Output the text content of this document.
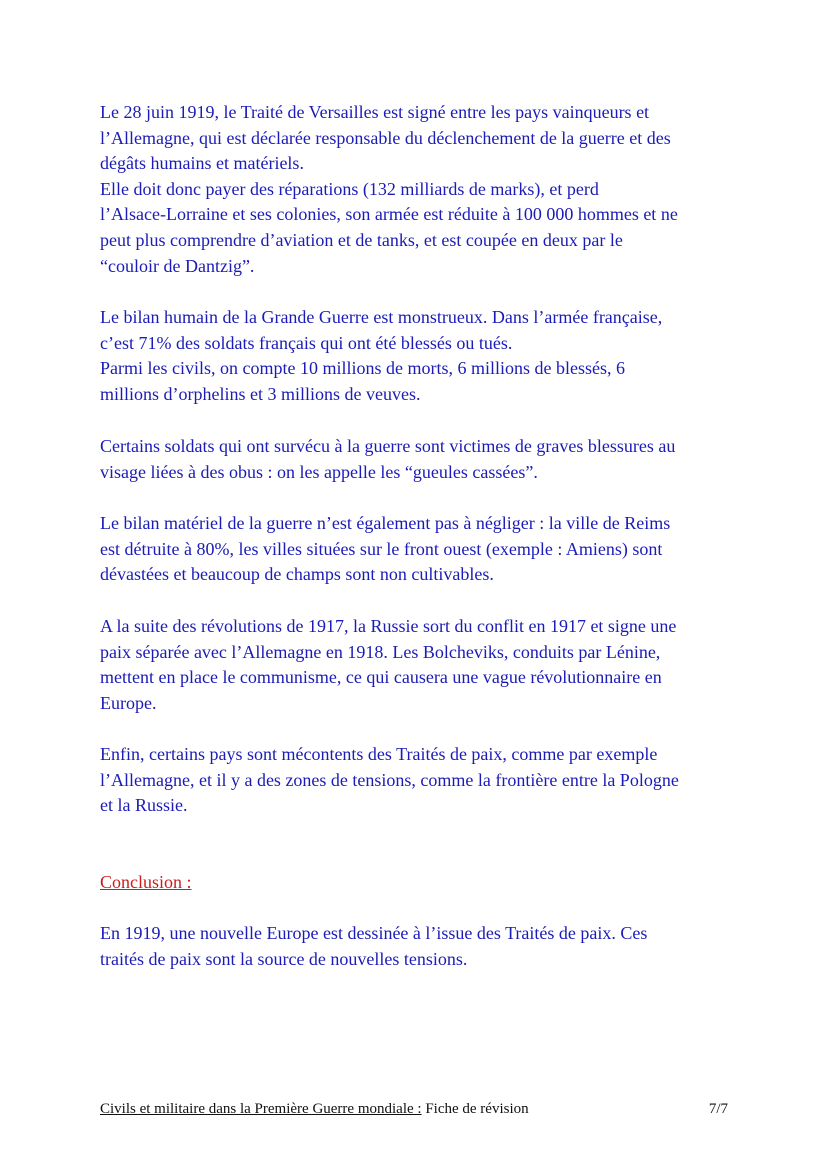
Le 28 juin 1919, le Traité de Versailles est signé entre les pays vainqueurs et
l’Allemagne, qui est déclarée responsable du déclenchement de la guerre et des
dégâts humains et matériels.
Elle doit donc payer des réparations (132 milliards de marks), et perd
l’Alsace-Lorraine et ses colonies, son armée est réduite à 100 000 hommes et ne
peut plus comprendre d’aviation et de tanks, et est coupée en deux par le
“couloir de Dantzig”.

Le bilan humain de la Grande Guerre est monstrueux. Dans l’armée française,
c’est 71% des soldats français qui ont été blessés ou tués.
Parmi les civils, on compte 10 millions de morts, 6 millions de blessés, 6
millions d’orphelins et 3 millions de veuves.

Certains soldats qui ont survécu à la guerre sont victimes de graves blessures au
visage liées à des obus : on les appelle les “gueules cassées”.

Le bilan matériel de la guerre n’est également pas à négliger : la ville de Reims
est détruite à 80%, les villes situées sur le front ouest (exemple : Amiens) sont
dévastées et beaucoup de champs sont non cultivables.

A la suite des révolutions de 1917, la Russie sort du conflit en 1917 et signe une
paix séparée avec l’Allemagne en 1918. Les Bolcheviks, conduits par Lénine,
mettent en place le communisme, ce qui causera une vague révolutionnaire en
Europe.

Enfin, certains pays sont mécontents des Traités de paix, comme par exemple
l’Allemagne, et il y a des zones de tensions, comme la frontière entre la Pologne
et la Russie.

Conclusion :

En 1919, une nouvelle Europe est dessinée à l’issue des Traités de paix. Ces
traités de paix sont la source de nouvelles tensions.

Civils et militaire dans la Première Guerre mondiale : Fiche de révision	7/7
